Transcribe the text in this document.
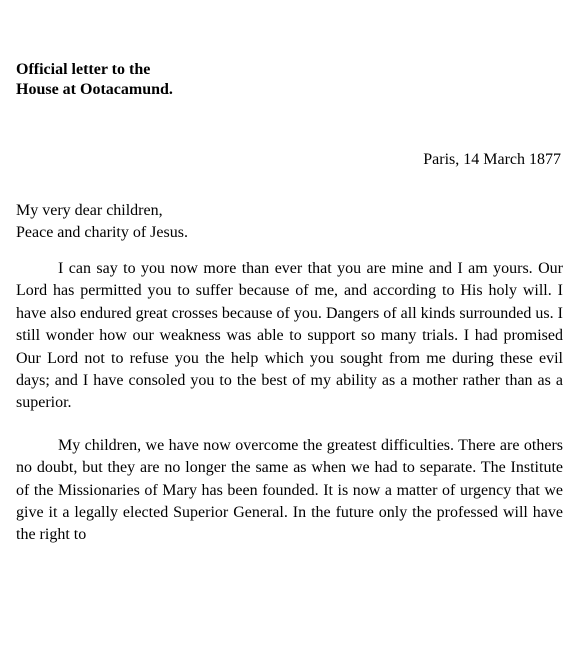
Official letter to the
House at Ootacamund.

Paris, 14 March 1877

My very dear children,
Peace and charity of Jesus.

I can say to you now more than ever that you are mine and I am yours. Our Lord has permitted you to suffer because of me, and according to His holy will. I have also endured great crosses because of you. Dangers of all kinds surrounded us. I still wonder how our weakness was able to support so many trials. I had promised Our Lord not to refuse you the help which you sought from me during these evil days; and I have consoled you to the best of my ability as a mother rather than as a superior.

My children, we have now overcome the greatest difficulties. There are others no doubt, but they are no longer the same as when we had to separate. The Institute of the Missionaries of Mary has been founded. It is now a matter of urgency that we give it a legally elected Superior General. In the future only the professed will have the right to
